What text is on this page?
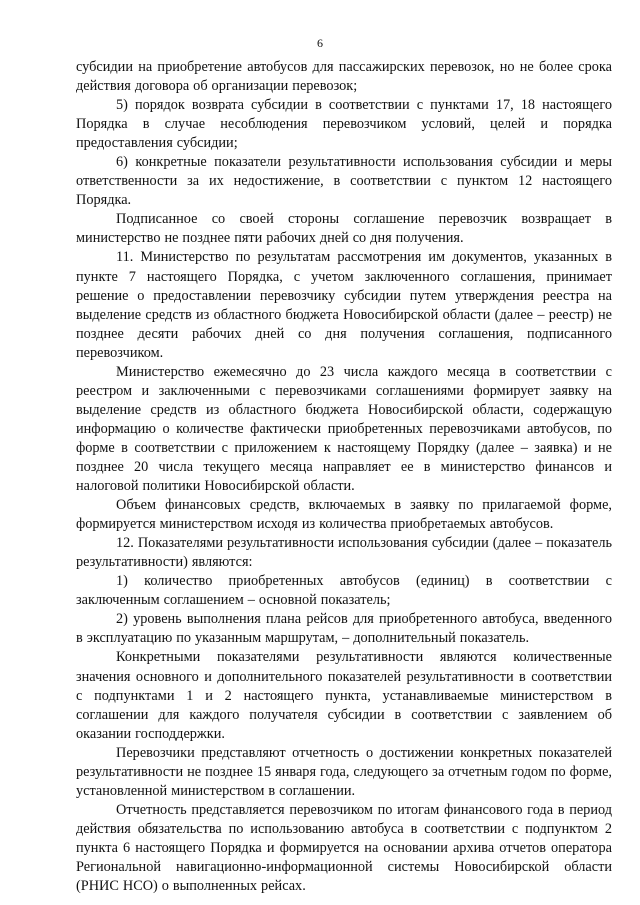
6

субсидии на приобретение автобусов для пассажирских перевозок, но не более срока действия договора об организации перевозок;

5) порядок возврата субсидии в соответствии с пунктами 17, 18 настоящего Порядка в случае несоблюдения перевозчиком условий, целей и порядка предоставления субсидии;

6) конкретные показатели результативности использования субсидии и меры ответственности за их недостижение, в соответствии с пунктом 12 настоящего Порядка.

Подписанное со своей стороны соглашение перевозчик возвращает в министерство не позднее пяти рабочих дней со дня получения.

11. Министерство по результатам рассмотрения им документов, указанных в пункте 7 настоящего Порядка, с учетом заключенного соглашения, принимает решение о предоставлении перевозчику субсидии путем утверждения реестра на выделение средств из областного бюджета Новосибирской области (далее – реестр) не позднее десяти рабочих дней со дня получения соглашения, подписанного перевозчиком.

Министерство ежемесячно до 23 числа каждого месяца в соответствии с реестром и заключенными с перевозчиками соглашениями формирует заявку на выделение средств из областного бюджета Новосибирской области, содержащую информацию о количестве фактически приобретенных перевозчиками автобусов, по форме в соответствии с приложением к настоящему Порядку (далее – заявка) и не позднее 20 числа текущего месяца направляет ее в министерство финансов и налоговой политики Новосибирской области.

Объем финансовых средств, включаемых в заявку по прилагаемой форме, формируется министерством исходя из количества приобретаемых автобусов.

12. Показателями результативности использования субсидии (далее – показатель результативности) являются:

1) количество приобретенных автобусов (единиц) в соответствии с заключенным соглашением – основной показатель;

2) уровень выполнения плана рейсов для приобретенного автобуса, введенного в эксплуатацию по указанным маршрутам, – дополнительный показатель.

Конкретными показателями результативности являются количественные значения основного и дополнительного показателей результативности в соответствии с подпунктами 1 и 2 настоящего пункта, устанавливаемые министерством в соглашении для каждого получателя субсидии в соответствии с заявлением об оказании господдержки.

Перевозчики представляют отчетность о достижении конкретных показателей результативности не позднее 15 января года, следующего за отчетным годом по форме, установленной министерством в соглашении.

Отчетность представляется перевозчиком по итогам финансового года в период действия обязательства по использованию автобуса в соответствии с подпунктом 2 пункта 6 настоящего Порядка и формируется на основании архива отчетов оператора Региональной навигационно-информационной системы Новосибирской области (РНИС НСО) о выполненных рейсах.
